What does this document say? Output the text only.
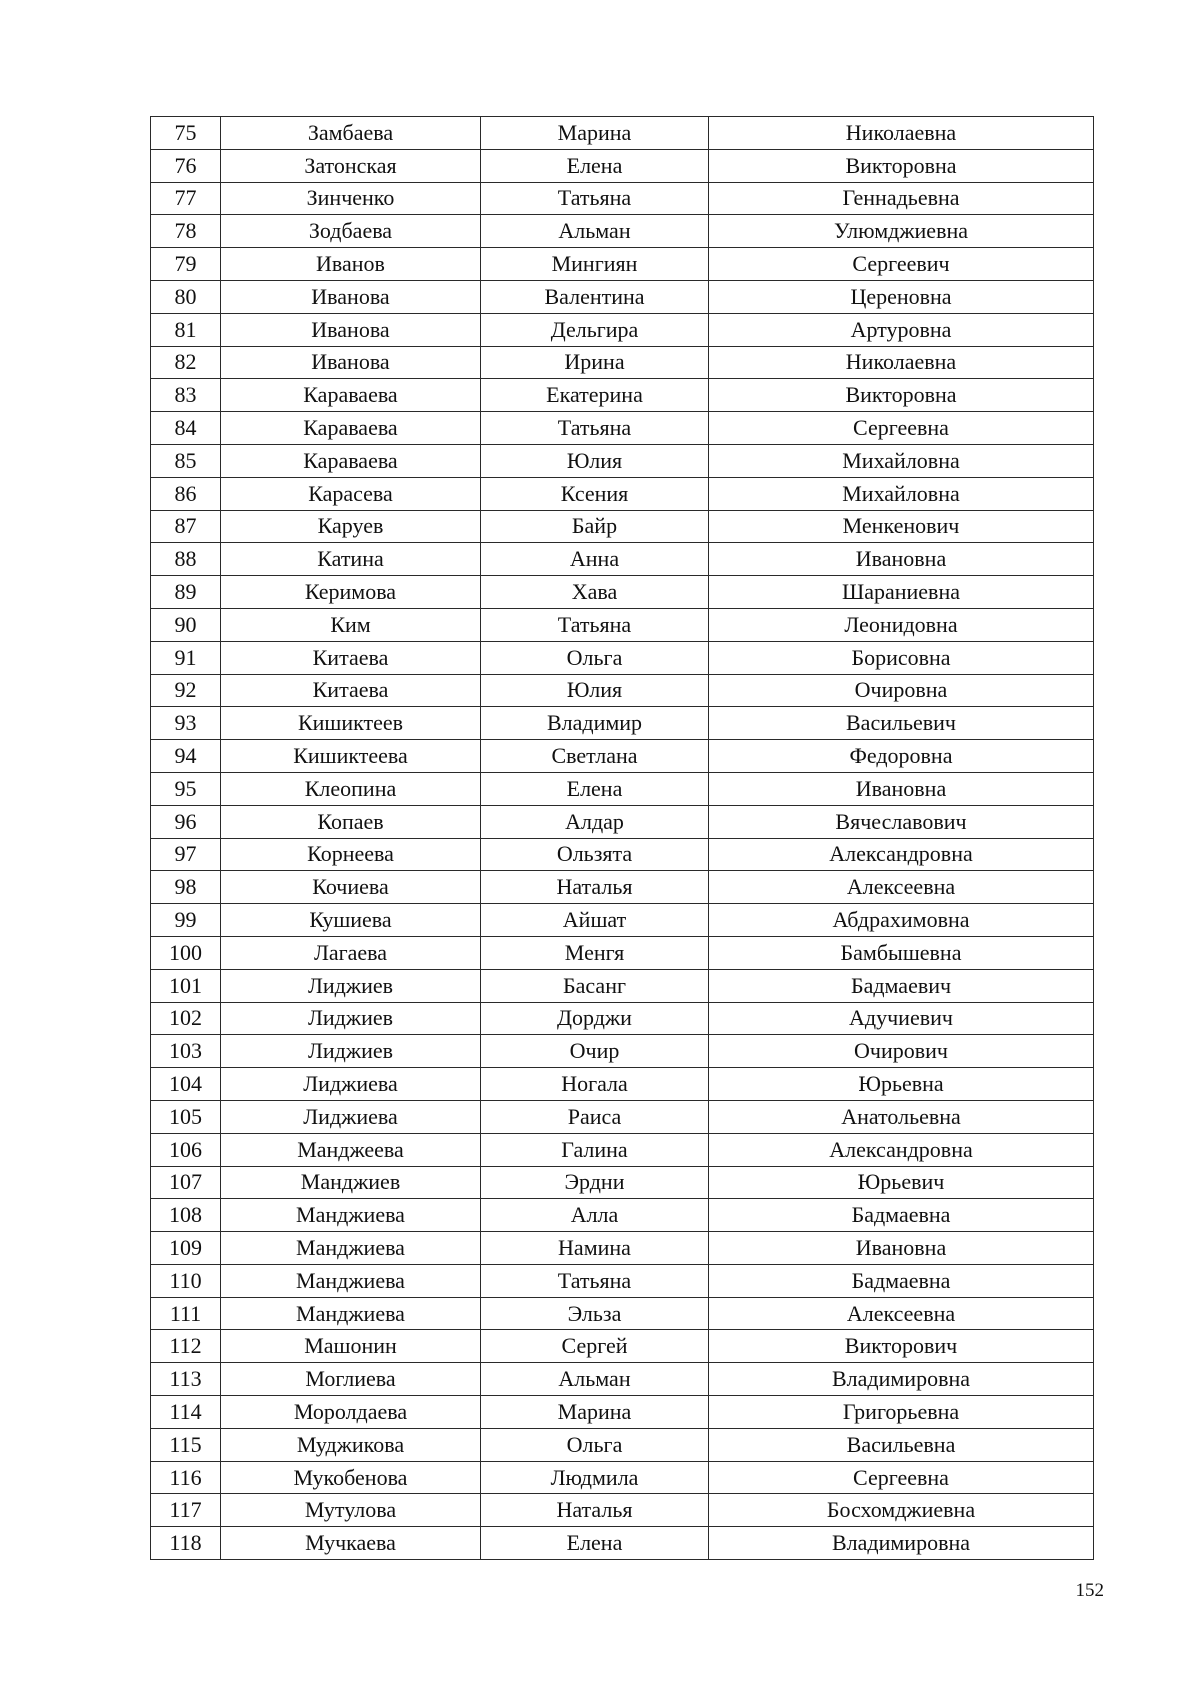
75	Замбаева	Марина	Николаевна
76	Затонская	Елена	Викторовна
77	Зинченко	Татьяна	Геннадьевна
78	Зодбаева	Альман	Улюмджиевна
79	Иванов	Мингиян	Сергеевич
80	Иванова	Валентина	Цереновна
81	Иванова	Дельгира	Артуровна
82	Иванова	Ирина	Николаевна
83	Караваева	Екатерина	Викторовна
84	Караваева	Татьяна	Сергеевна
85	Караваева	Юлия	Михайловна
86	Карасева	Ксения	Михайловна
87	Каруев	Байр	Менкенович
88	Катина	Анна	Ивановна
89	Керимова	Хава	Шараниевна
90	Ким	Татьяна	Леонидовна
91	Китаева	Ольга	Борисовна
92	Китаева	Юлия	Очировна
93	Кишиктеев	Владимир	Васильевич
94	Кишиктеева	Светлана	Федоровна
95	Клеопина	Елена	Ивановна
96	Копаев	Алдар	Вячеславович
97	Корнеева	Ользята	Александровна
98	Кочиева	Наталья	Алексеевна
99	Кушиева	Айшат	Абдрахимовна
100	Лагаева	Менгя	Бамбышевна
101	Лиджиев	Басанг	Бадмаевич
102	Лиджиев	Дорджи	Адучиевич
103	Лиджиев	Очир	Очирович
104	Лиджиева	Ногала	Юрьевна
105	Лиджиева	Раиса	Анатольевна
106	Манджеева	Галина	Александровна
107	Манджиев	Эрдни	Юрьевич
108	Манджиева	Алла	Бадмаевна
109	Манджиева	Намина	Ивановна
110	Манджиева	Татьяна	Бадмаевна
111	Манджиева	Эльза	Алексеевна
112	Машонин	Сергей	Викторович
113	Моглиева	Альман	Владимировна
114	Моролдаева	Марина	Григорьевна
115	Муджикова	Ольга	Васильевна
116	Мукобенова	Людмила	Сергеевна
117	Мутулова	Наталья	Босхомджиевна
118	Мучкаева	Елена	Владимировна
152
